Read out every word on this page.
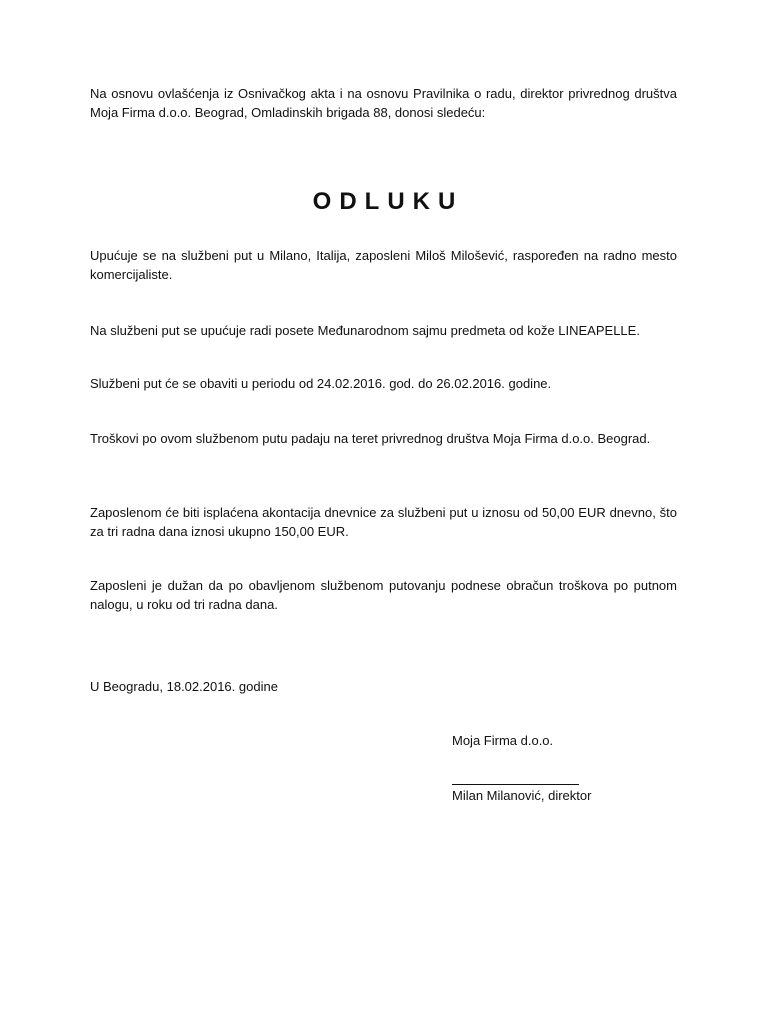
Na osnovu ovlašćenja iz Osnivačkog akta i na osnovu Pravilnika o radu, direktor privrednog društva Moja Firma d.o.o. Beograd, Omladinskih brigada 88, donosi sledeću:

ODLUKU

Upućuje se na službeni put u Milano, Italija, zaposleni Miloš Milošević, raspoređen na radno mesto komercijaliste.

Na službeni put se upućuje radi posete Međunarodnom sajmu predmeta od kože LINEAPELLE.

Službeni put će se obaviti u periodu od 24.02.2016. god. do 26.02.2016. godine.

Troškovi po ovom službenom putu padaju na teret privrednog društva Moja Firma d.o.o. Beograd.

Zaposlenom će biti isplaćena akontacija dnevnice za službeni put u iznosu od 50,00 EUR dnevno, što za tri radna dana iznosi ukupno 150,00 EUR.

Zaposleni je dužan da po obavljenom službenom putovanju podnese obračun troškova po putnom nalogu, u roku od tri radna dana.

U Beogradu, 18.02.2016. godine
Moja Firma d.o.o.
Milan Milanović, direktor
